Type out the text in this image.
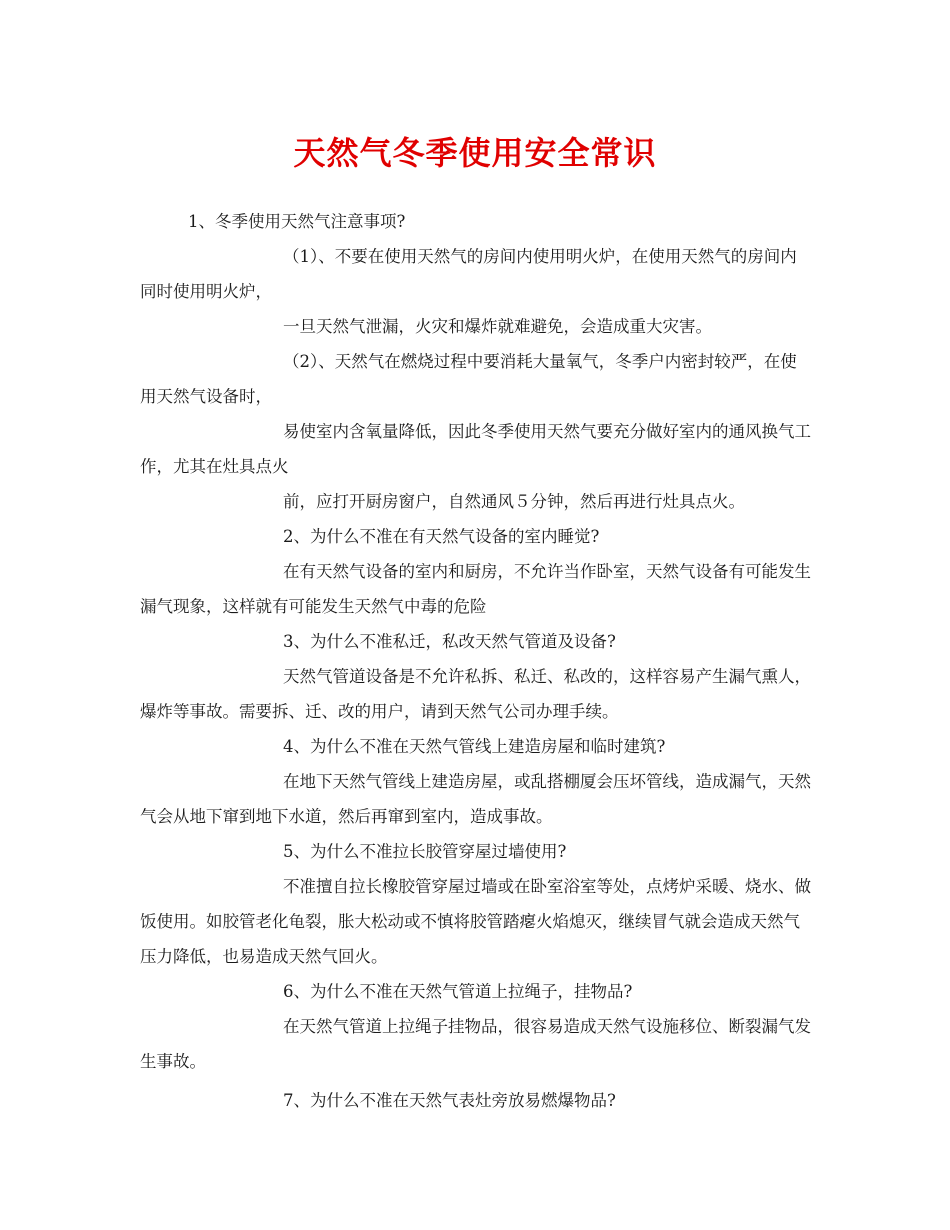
天然气冬季使用安全常识

1、冬季使用天然气注意事项?

（1）、不要在使用天然气的房间内使用明火炉，在使用天然气的房间内同时使用明火炉，

一旦天然气泄漏，火灾和爆炸就难避免，会造成重大灾害。

（2）、天然气在燃烧过程中要消耗大量氧气，冬季户内密封较严，在使用天然气设备时，

易使室内含氧量降低，因此冬季使用天然气要充分做好室内的通风换气工作，尤其在灶具点火

前，应打开厨房窗户，自然通风５分钟，然后再进行灶具点火。

2、为什么不准在有天然气设备的室内睡觉?

在有天然气设备的室内和厨房，不允许当作卧室，天然气设备有可能发生漏气现象，这样就有可能发生天然气中毒的危险

3、为什么不准私迁，私改天然气管道及设备?

天然气管道设备是不允许私拆、私迁、私改的，这样容易产生漏气熏人，爆炸等事故。需要拆、迁、改的用户，请到天然气公司办理手续。

4、为什么不准在天然气管线上建造房屋和临时建筑?

在地下天然气管线上建造房屋，或乱搭棚厦会压坏管线，造成漏气，天然气会从地下窜到地下水道，然后再窜到室内，造成事故。

5、为什么不准拉长胶管穿屋过墙使用?

不准擅自拉长橡胶管穿屋过墙或在卧室浴室等处，点烤炉采暖、烧水、做饭使用。如胶管老化龟裂，胀大松动或不慎将胶管踏瘪火焰熄灭，继续冒气就会造成天然气压力降低，也易造成天然气回火。

6、为什么不准在天然气管道上拉绳子，挂物品?

在天然气管道上拉绳子挂物品，很容易造成天然气设施移位、断裂漏气发生事故。

7、为什么不准在天然气表灶旁放易燃爆物品?
